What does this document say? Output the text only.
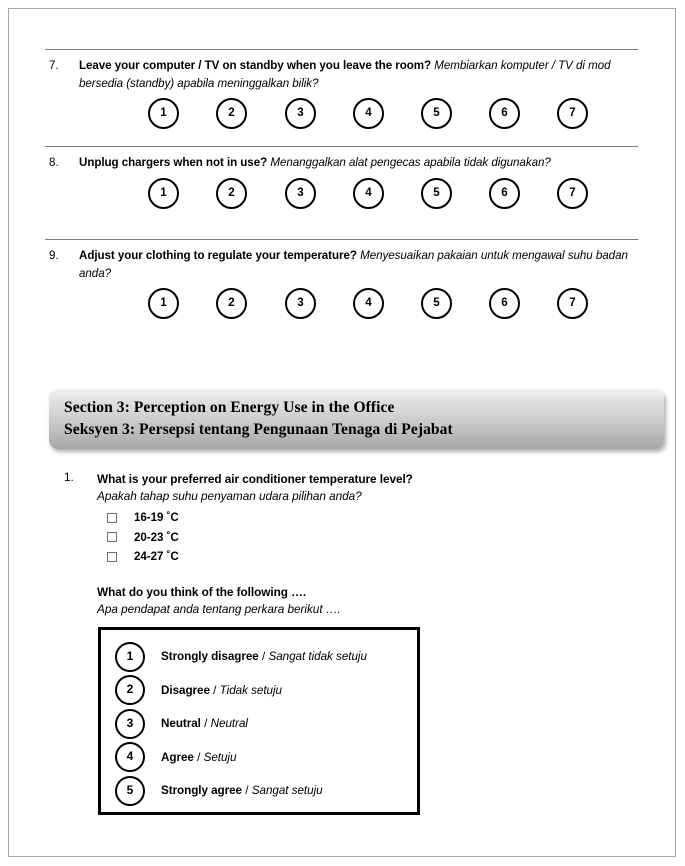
7. Leave your computer / TV on standby when you leave the room? Membiarkan komputer / TV di mod bersedia (standby) apabila meninggalkan bilik?
1	2	3	4	5	6	7
8. Unplug chargers when not in use? Menanggalkan alat pengecas apabila tidak digunakan?
1	2	3	4	5	6	7
9. Adjust your clothing to regulate your temperature? Menyesuaikan pakaian untuk mengawal suhu badan anda?
1	2	3	4	5	6	7
Section 3: Perception on Energy Use in the Office
Seksyen 3: Persepsi tentang Pengunaan Tenaga di Pejabat
1. What is your preferred air conditioner temperature level?
Apakah tahap suhu penyaman udara pilihan anda?
16-19 ˚C
20-23 ˚C
24-27 ˚C
What do you think of the following ….
Apa pendapat anda tentang perkara berikut ….
1	Strongly disagree / Sangat tidak setuju
2	Disagree / Tidak setuju
3	Neutral / Neutral
4	Agree / Setuju
5	Strongly agree / Sangat setuju
